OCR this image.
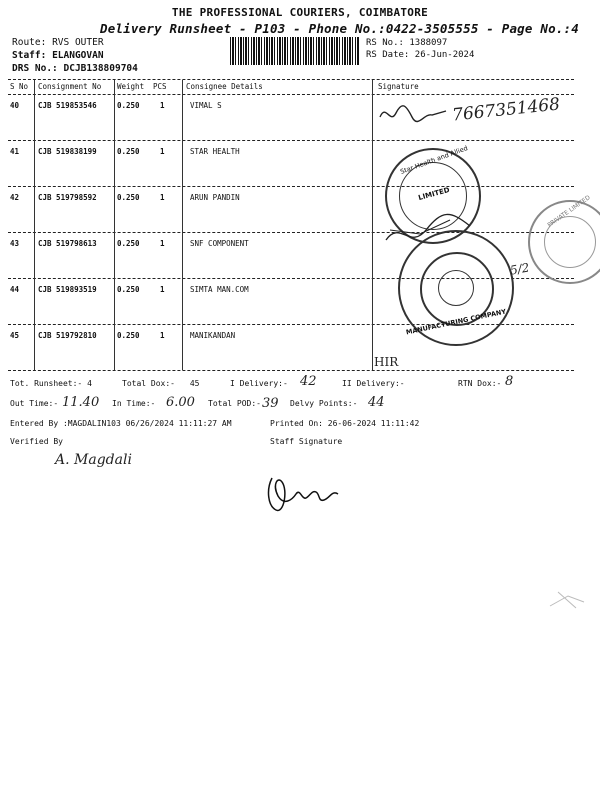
THE PROFESSIONAL COURIERS, COIMBATORE
Delivery Runsheet - P103 - Phone No.:0422-3505555 - Page No.:4
Route: RVS OUTER
Staff: ELANGOVAN
DRS No.: DCJB138809704
RS No.: 1388097
RS Date: 26-Jun-2024
S No Consignment No Weight PCS	Consignee Details	Signature
40	CJB 519853546	0.250	1	VIMAL S
41	CJB 519838199	0.250	1	STAR HEALTH
42	CJB 519798592	0.250	1	ARUN PANDIN
43	CJB 519798613	0.250	1	SNF COMPONENT
44	CJB 519893519	0.250	1	SIMTA MAN.COM
45	CJB 519792810	0.250	1	MANIKANDAN
7667351468
Star Health and Allied
LIMITED
MANUFACTURING COMPANY
PRIVATE LIMITED
5/2
HIR
Tot. Runsheet:- 4	Total Dox:- 45	I Delivery:- 42	II Delivery:-	RTN Dox:- 8
Out Time:- 11.40 In Time:- 6.00 Total POD:- 39 Delvy Points:- 44
Entered By :MAGDALIN103 06/26/2024 11:11:27 AM	Printed On: 26-06-2024 11:11:42
Verified By	Staff Signature
A. Magdali
